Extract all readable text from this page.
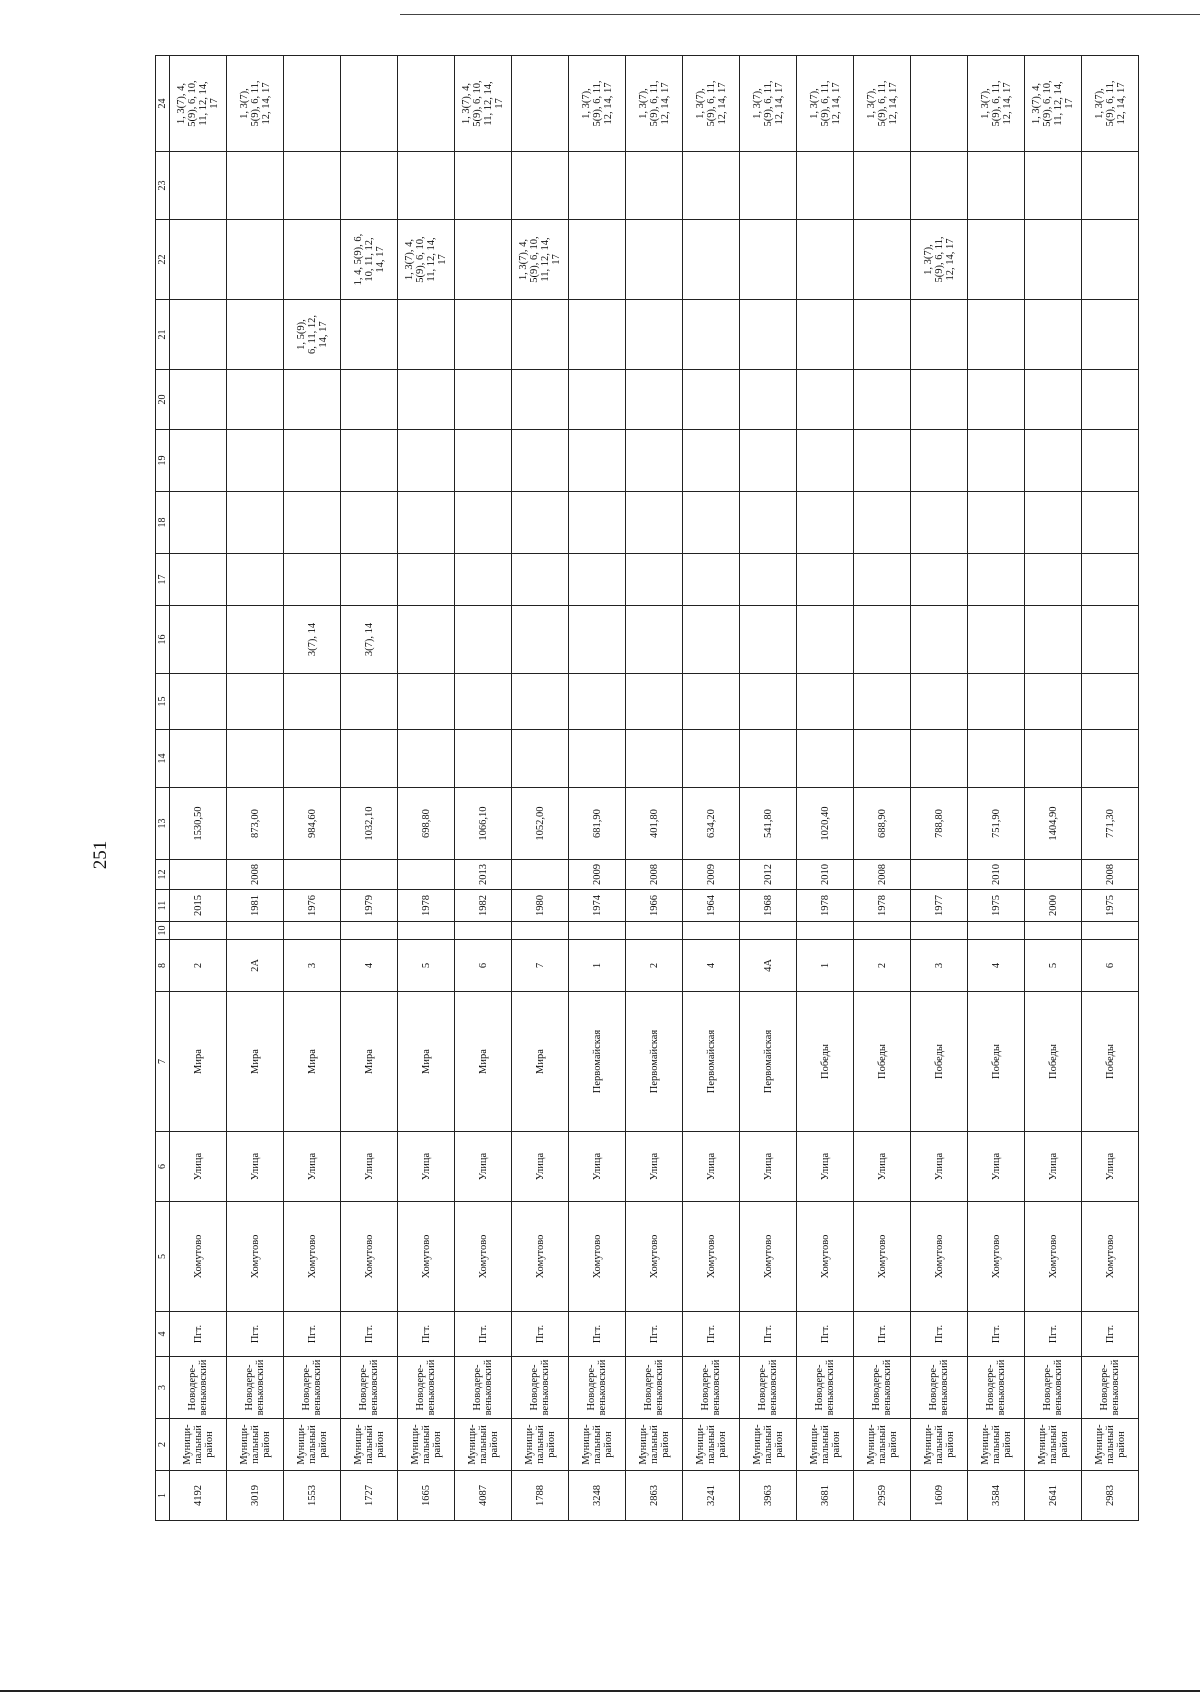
251
1	2	3	4	5	6	7	8	10	11	12	13	14	15	16	17	18	19	20	21	22	23	24
4192	Муници-
пальный
район	Новодере-
веньковский	Пгт.	Хомутово	Улица	Мира	2		2015		1530,50											1, 3(7), 4,
5(9), 6, 10,
11, 12, 14,
17
3019	Муници-
пальный
район	Новодере-
веньковский	Пгт.	Хомутово	Улица	Мира	2А		1981	2008	873,00											1, 3(7),
5(9), 6, 11,
12, 14, 17
1553	Муници-
пальный
район	Новодере-
веньковский	Пгт.	Хомутово	Улица	Мира	3		1976		984,60			3(7), 14					1, 5(9),
6, 11, 12,
14, 17			
1727	Муници-
пальный
район	Новодере-
веньковский	Пгт.	Хомутово	Улица	Мира	4		1979		1032,10			3(7), 14						1, 4, 5(9), 6,
10, 11, 12,
14, 17		
1665	Муници-
пальный
район	Новодере-
веньковский	Пгт.	Хомутово	Улица	Мира	5		1978		698,80									1, 3(7), 4,
5(9), 6, 10,
11, 12, 14,
17		
4087	Муници-
пальный
район	Новодере-
веньковский	Пгт.	Хомутово	Улица	Мира	6		1982	2013	1066,10											1, 3(7), 4,
5(9), 6, 10,
11, 12, 14,
17
1788	Муници-
пальный
район	Новодере-
веньковский	Пгт.	Хомутово	Улица	Мира	7		1980		1052,00									1, 3(7), 4,
5(9), 6, 10,
11, 12, 14,
17		
3248	Муници-
пальный
район	Новодере-
веньковский	Пгт.	Хомутово	Улица	Первомайская	1		1974	2009	681,90											1, 3(7),
5(9), 6, 11,
12, 14, 17
2863	Муници-
пальный
район	Новодере-
веньковский	Пгт.	Хомутово	Улица	Первомайская	2		1966	2008	401,80											1, 3(7),
5(9), 6, 11,
12, 14, 17
3241	Муници-
пальный
район	Новодере-
веньковский	Пгт.	Хомутово	Улица	Первомайская	4		1964	2009	634,20											1, 3(7),
5(9), 6, 11,
12, 14, 17
3963	Муници-
пальный
район	Новодере-
веньковский	Пгт.	Хомутово	Улица	Первомайская	4А		1968	2012	541,80											1, 3(7),
5(9), 6, 11,
12, 14, 17
3681	Муници-
пальный
район	Новодере-
веньковский	Пгт.	Хомутово	Улица	Победы	1		1978	2010	1020,40											1, 3(7),
5(9), 6, 11,
12, 14, 17
2959	Муници-
пальный
район	Новодере-
веньковский	Пгт.	Хомутово	Улица	Победы	2		1978	2008	688,90											1, 3(7),
5(9), 6, 11,
12, 14, 17
1609	Муници-
пальный
район	Новодере-
веньковский	Пгт.	Хомутово	Улица	Победы	3		1977		788,80									1, 3(7),
5(9), 6, 11,
12, 14, 17		
3584	Муници-
пальный
район	Новодере-
веньковский	Пгт.	Хомутово	Улица	Победы	4		1975	2010	751,90											1, 3(7),
5(9), 6, 11,
12, 14, 17
2641	Муници-
пальный
район	Новодере-
веньковский	Пгт.	Хомутово	Улица	Победы	5		2000		1404,90											1, 3(7), 4,
5(9), 6, 10,
11, 12, 14,
17
2983	Муници-
пальный
район	Новодере-
веньковский	Пгт.	Хомутово	Улица	Победы	6		1975	2008	771,30											1, 3(7),
5(9), 6, 11,
12, 14, 17
